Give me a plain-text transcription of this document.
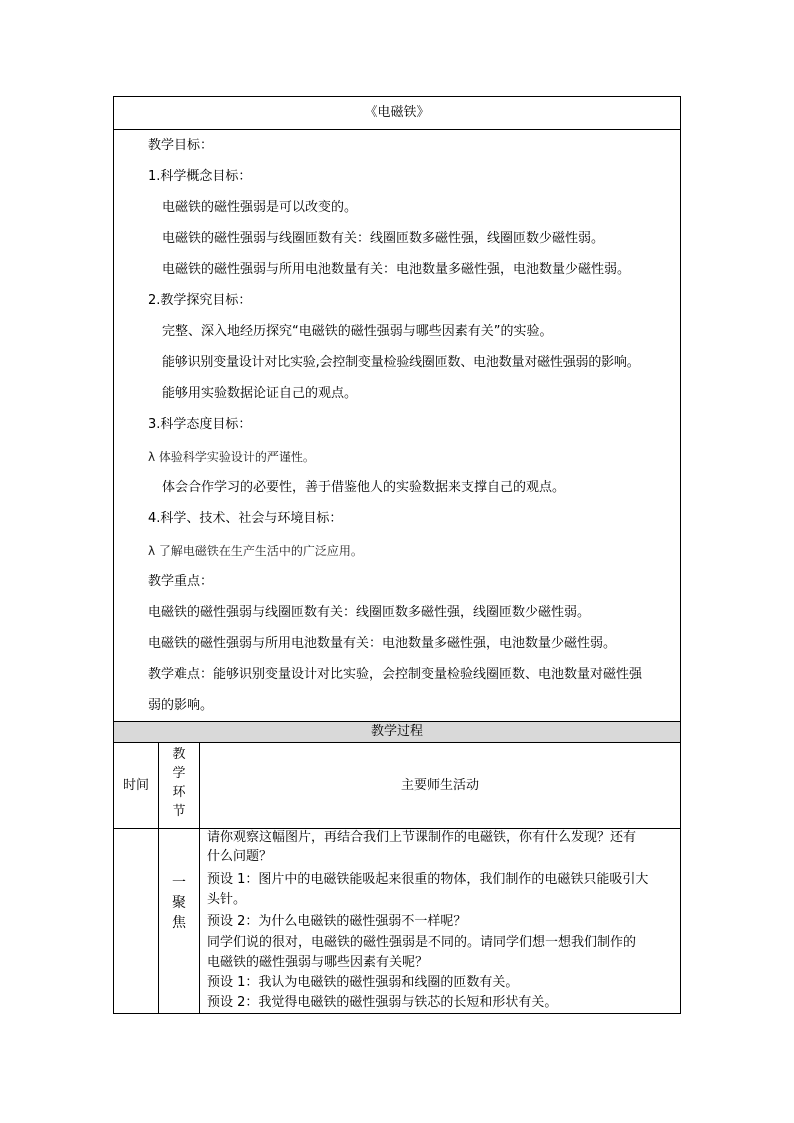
《电磁铁》
教学目标：
1.科学概念目标：
电磁铁的磁性强弱是可以改变的。
电磁铁的磁性强弱与线圈匝数有关：线圈匝数多磁性强，线圈匝数少磁性弱。
电磁铁的磁性强弱与所用电池数量有关：电池数量多磁性强，电池数量少磁性弱。
2.教学探究目标：
完整、深入地经历探究“电磁铁的磁性强弱与哪些因素有关”的实验。
能够识别变量设计对比实验,会控制变量检验线圈匝数、电池数量对磁性强弱的影响。
能够用实验数据论证自己的观点。
3.科学态度目标：
λ 体验科学实验设计的严谨性。
体会合作学习的必要性，善于借鉴他人的实验数据来支撑自己的观点。
4.科学、技术、社会与环境目标：
λ 了解电磁铁在生产生活中的广泛应用。
教学重点：
电磁铁的磁性强弱与线圈匝数有关：线圈匝数多磁性强，线圈匝数少磁性弱。
电磁铁的磁性强弱与所用电池数量有关：电池数量多磁性强，电池数量少磁性弱。
教学难点：能够识别变量设计对比实验，会控制变量检验线圈匝数、电池数量对磁性强
弱的影响。
教学过程
时间
教学环节
主要师生活动
一聚焦
请你观察这幅图片，再结合我们上节课制作的电磁铁，你有什么发现？还有
什么问题？
预设 1：图片中的电磁铁能吸起来很重的物体，我们制作的电磁铁只能吸引大
头针。
预设 2：为什么电磁铁的磁性强弱不一样呢？
同学们说的很对，电磁铁的磁性强弱是不同的。请同学们想一想我们制作的
电磁铁的磁性强弱与哪些因素有关呢？
预设 1：我认为电磁铁的磁性强弱和线圈的匝数有关。
预设 2：我觉得电磁铁的磁性强弱与铁芯的长短和形状有关。
